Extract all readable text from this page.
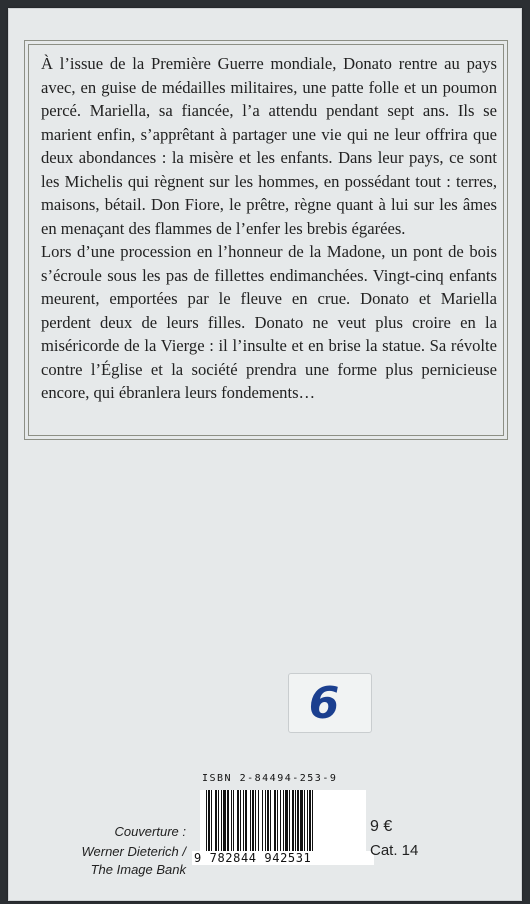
À l’issue de la Première Guerre mondiale, Donato rentre au pays avec, en guise de médailles militaires, une patte folle et un poumon percé. Mariella, sa fiancée, l’a attendu pendant sept ans. Ils se marient enfin, s’apprêtant à partager une vie qui ne leur offrira que deux abondances : la misère et les enfants. Dans leur pays, ce sont les Michelis qui règnent sur les hommes, en possédant tout : terres, maisons, bétail. Don Fiore, le prêtre, règne quant à lui sur les âmes en menaçant des flammes de l’enfer les brebis égarées.

Lors d’une procession en l’honneur de la Madone, un pont de bois s’écroule sous les pas de fillettes endimanchées. Vingt-cinq enfants meurent, emportées par le fleuve en crue. Donato et Mariella perdent deux de leurs filles. Donato ne veut plus croire en la miséricorde de la Vierge : il l’insulte et en brise la statue. Sa révolte contre l’Église et la société prendra une forme plus pernicieuse encore, qui ébranlera leurs fondements…

6
ISBN 2-84494-253-9
9 782844 942531
Couverture :
Werner Dieterich /
The Image Bank
9 €
Cat. 14
